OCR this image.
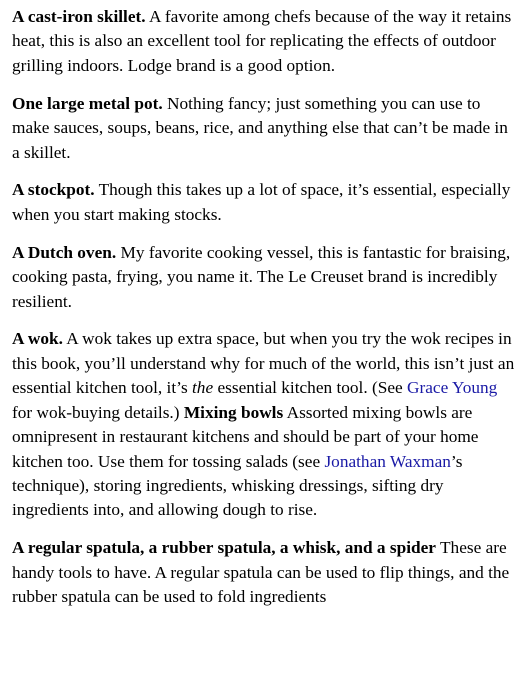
A cast-iron skillet. A favorite among chefs because of the way it retains heat, this is also an excellent tool for replicating the effects of outdoor grilling indoors. Lodge brand is a good option.

One large metal pot. Nothing fancy; just something you can use to make sauces, soups, beans, rice, and anything else that can’t be made in a skillet.

A stockpot. Though this takes up a lot of space, it’s essential, especially when you start making stocks.

A Dutch oven. My favorite cooking vessel, this is fantastic for braising, cooking pasta, frying, you name it. The Le Creuset brand is incredibly resilient.

A wok. A wok takes up extra space, but when you try the wok recipes in this book, you’ll understand why for much of the world, this isn’t just an essential kitchen tool, it’s the essential kitchen tool. (See Grace Young for wok-buying details.) Mixing bowls Assorted mixing bowls are omnipresent in restaurant kitchens and should be part of your home kitchen too. Use them for tossing salads (see Jonathan Waxman’s technique), storing ingredients, whisking dressings, sifting dry ingredients into, and allowing dough to rise.

A regular spatula, a rubber spatula, a whisk, and a spider These are handy tools to have. A regular spatula can be used to flip things, and the rubber spatula can be used to fold ingredients
